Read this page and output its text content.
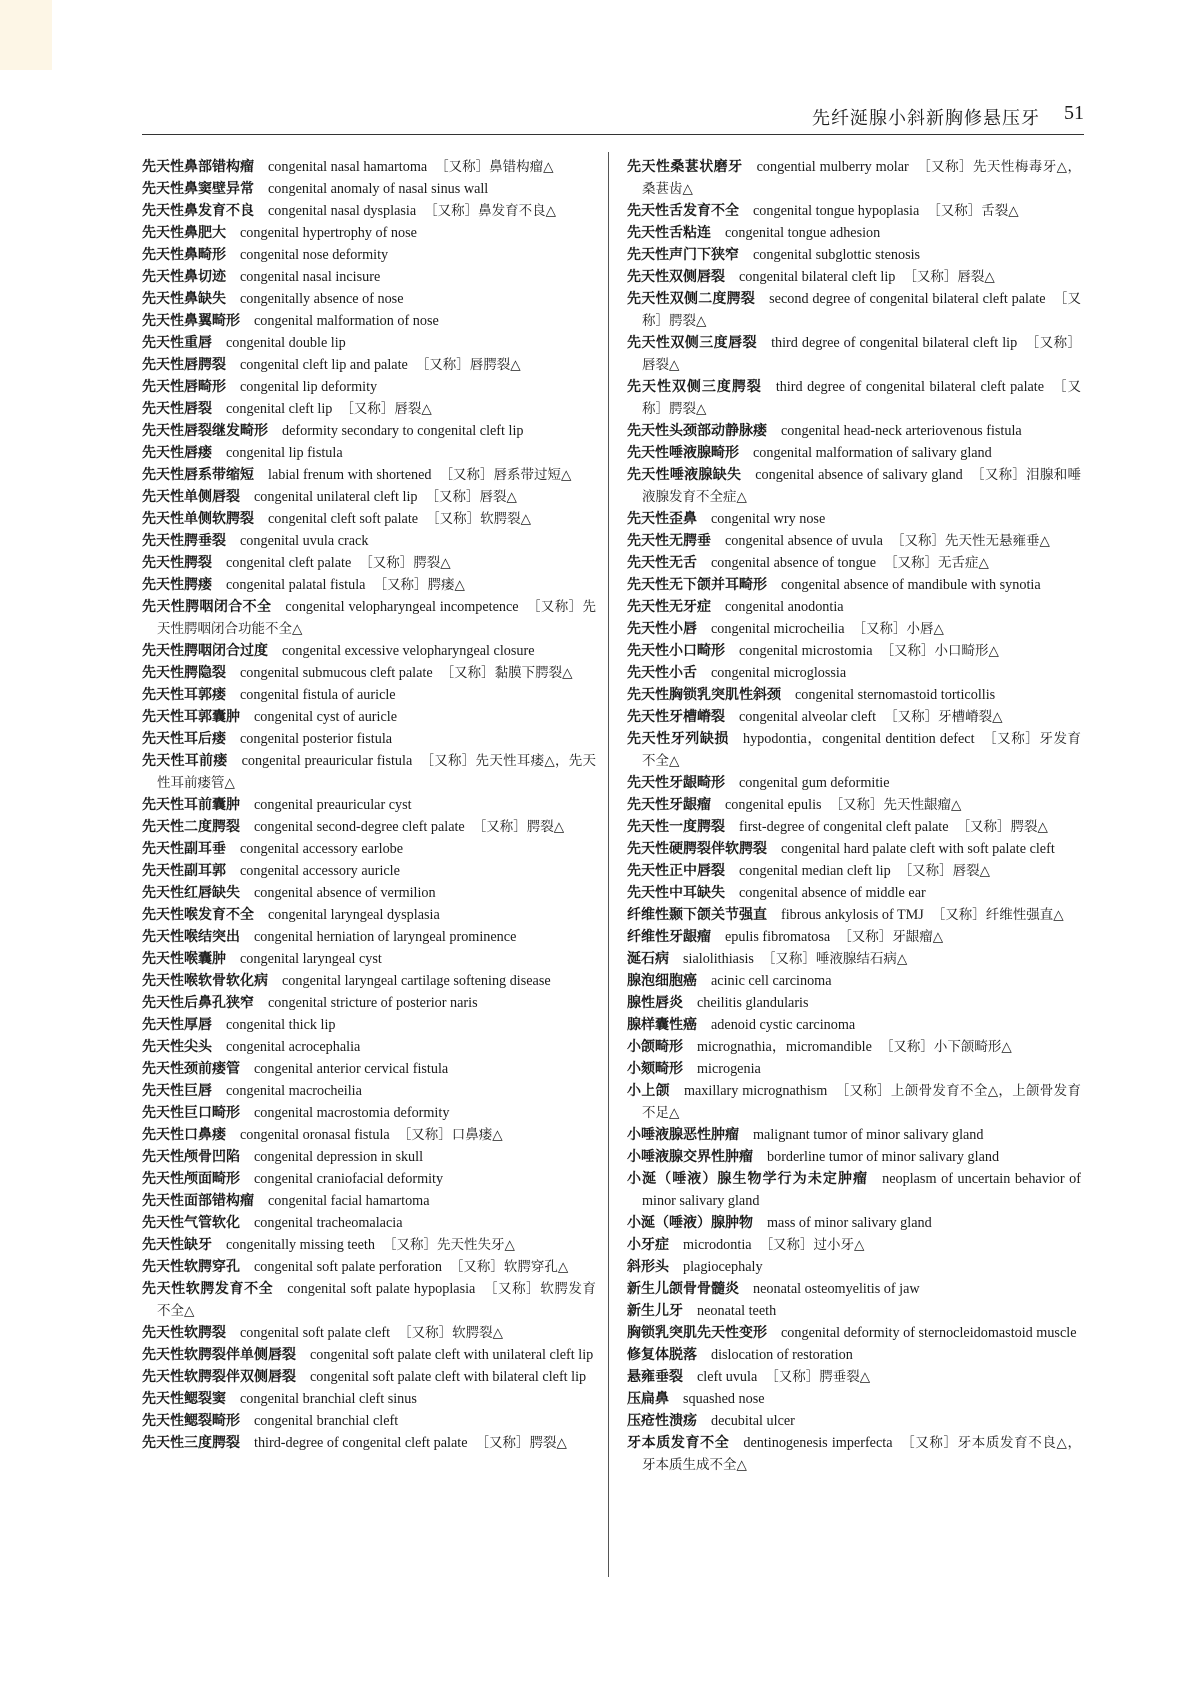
先纤涎腺小斜新胸修悬压牙 51
先天性鼻部错构瘤 congenital nasal hamartoma ［又称］鼻错构瘤△
先天性鼻窦壁异常 congenital anomaly of nasal sinus wall
先天性鼻发育不良 congenital nasal dysplasia ［又称］鼻发育不良△
先天性鼻肥大 congenital hypertrophy of nose
先天性鼻畸形 congenital nose deformity
先天性鼻切迹 congenital nasal incisure
先天性鼻缺失 congenitally absence of nose
先天性鼻翼畸形 congenital malformation of nose
先天性重唇 congenital double lip
先天性唇腭裂 congenital cleft lip and palate ［又称］唇腭裂△
先天性唇畸形 congenital lip deformity
先天性唇裂 congenital cleft lip ［又称］唇裂△
先天性唇裂继发畸形 deformity secondary to congenital cleft lip
先天性唇瘘 congenital lip fistula
先天性唇系带缩短 labial frenum with shortened ［又称］唇系带过短△
先天性单侧唇裂 congenital unilateral cleft lip ［又称］唇裂△
先天性单侧软腭裂 congenital cleft soft palate ［又称］软腭裂△
先天性腭垂裂 congenital uvula crack
先天性腭裂 congenital cleft palate ［又称］腭裂△
先天性腭瘘 congenital palatal fistula ［又称］腭瘘△
先天性腭咽闭合不全 congenital velopharyngeal incompetence ［又称］先天性腭咽闭合功能不全△
先天性腭咽闭合过度 congenital excessive velopharyngeal closure
先天性腭隐裂 congenital submucous cleft palate ［又称］黏膜下腭裂△
先天性耳郭瘘 congenital fistula of auricle
先天性耳郭囊肿 congenital cyst of auricle
先天性耳后瘘 congenital posterior fistula
先天性耳前瘘 congenital preauricular fistula ［又称］先天性耳瘘△，先天性耳前瘘管△
先天性耳前囊肿 congenital preauricular cyst
先天性二度腭裂 congenital second-degree cleft palate ［又称］腭裂△
先天性副耳垂 congenital accessory earlobe
先天性副耳郭 congenital accessory auricle
先天性红唇缺失 congenital absence of vermilion
先天性喉发育不全 congenital laryngeal dysplasia
先天性喉结突出 congenital herniation of laryngeal prominence
先天性喉囊肿 congenital laryngeal cyst
先天性喉软骨软化病 congenital laryngeal cartilage softening disease
先天性后鼻孔狭窄 congenital stricture of posterior naris
先天性厚唇 congenital thick lip
先天性尖头 congenital acrocephalia
先天性颈前瘘管 congenital anterior cervical fistula
先天性巨唇 congenital macrocheilia
先天性巨口畸形 congenital macrostomia deformity
先天性口鼻瘘 congenital oronasal fistula ［又称］口鼻瘘△
先天性颅骨凹陷 congenital depression in skull
先天性颅面畸形 congenital craniofacial deformity
先天性面部错构瘤 congenital facial hamartoma
先天性气管软化 congenital tracheomalacia
先天性缺牙 congenitally missing teeth ［又称］先天性失牙△
先天性软腭穿孔 congenital soft palate perforation ［又称］软腭穿孔△
先天性软腭发育不全 congenital soft palate hypoplasia ［又称］软腭发育不全△
先天性软腭裂 congenital soft palate cleft ［又称］软腭裂△
先天性软腭裂伴单侧唇裂 congenital soft palate cleft with unilateral cleft lip
先天性软腭裂伴双侧唇裂 congenital soft palate cleft with bilateral cleft lip
先天性鳃裂窦 congenital branchial cleft sinus
先天性鳃裂畸形 congenital branchial cleft
先天性三度腭裂 third-degree of congenital cleft palate ［又称］腭裂△
先天性桑葚状磨牙 congential mulberry molar ［又称］先天性梅毒牙△，桑葚齿△
先天性舌发育不全 congenital tongue hypoplasia ［又称］舌裂△
先天性舌粘连 congenital tongue adhesion
先天性声门下狭窄 congenital subglottic stenosis
先天性双侧唇裂 congenital bilateral cleft lip ［又称］唇裂△
先天性双侧二度腭裂 second degree of congenital bilateral cleft palate ［又称］腭裂△
先天性双侧三度唇裂 third degree of congenital bilateral cleft lip ［又称］唇裂△
先天性双侧三度腭裂 third degree of congenital bilateral cleft palate ［又称］腭裂△
先天性头颈部动静脉瘘 congenital head-neck arteriovenous fistula
先天性唾液腺畸形 congenital malformation of salivary gland
先天性唾液腺缺失 congenital absence of salivary gland ［又称］泪腺和唾液腺发育不全症△
先天性歪鼻 congenital wry nose
先天性无腭垂 congenital absence of uvula ［又称］先天性无悬雍垂△
先天性无舌 congenital absence of tongue ［又称］无舌症△
先天性无下颌并耳畸形 congenital absence of mandibule with synotia
先天性无牙症 congenital anodontia
先天性小唇 congenital microcheilia ［又称］小唇△
先天性小口畸形 congenital microstomia ［又称］小口畸形△
先天性小舌 congenital microglossia
先天性胸锁乳突肌性斜颈 congenital sternomastoid torticollis
先天性牙槽嵴裂 congenital alveolar cleft ［又称］牙槽嵴裂△
先天性牙列缺损 hypodontia，congenital dentition defect ［又称］牙发育不全△
先天性牙龈畸形 congenital gum deformitie
先天性牙龈瘤 congenital epulis ［又称］先天性龈瘤△
先天性一度腭裂 first-degree of congenital cleft palate ［又称］腭裂△
先天性硬腭裂伴软腭裂 congenital hard palate cleft with soft palate cleft
先天性正中唇裂 congenital median cleft lip ［又称］唇裂△
先天性中耳缺失 congenital absence of middle ear
纤维性颞下颌关节强直 fibrous ankylosis of TMJ ［又称］纤维性强直△
纤维性牙龈瘤 epulis fibromatosa ［又称］牙龈瘤△
涎石病 sialolithiasis ［又称］唾液腺结石病△
腺泡细胞癌 acinic cell carcinoma
腺性唇炎 cheilitis glandularis
腺样囊性癌 adenoid cystic carcinoma
小颌畸形 micrognathia，micromandible ［又称］小下颌畸形△
小颏畸形 microgenia
小上颌 maxillary micrognathism ［又称］上颌骨发育不全△，上颌骨发育不足△
小唾液腺恶性肿瘤 malignant tumor of minor salivary gland
小唾液腺交界性肿瘤 borderline tumor of minor salivary gland
小涎（唾液）腺生物学行为未定肿瘤 neoplasm of uncertain behavior of minor salivary gland
小涎（唾液）腺肿物 mass of minor salivary gland
小牙症 microdontia ［又称］过小牙△
斜形头 plagiocephaly
新生儿颌骨骨髓炎 neonatal osteomyelitis of jaw
新生儿牙 neonatal teeth
胸锁乳突肌先天性变形 congenital deformity of sternocleidomastoid muscle
修复体脱落 dislocation of restoration
悬雍垂裂 cleft uvula ［又称］腭垂裂△
压扁鼻 squashed nose
压疮性溃疡 decubital ulcer
牙本质发育不全 dentinogenesis imperfecta ［又称］牙本质发育不良△，牙本质生成不全△
